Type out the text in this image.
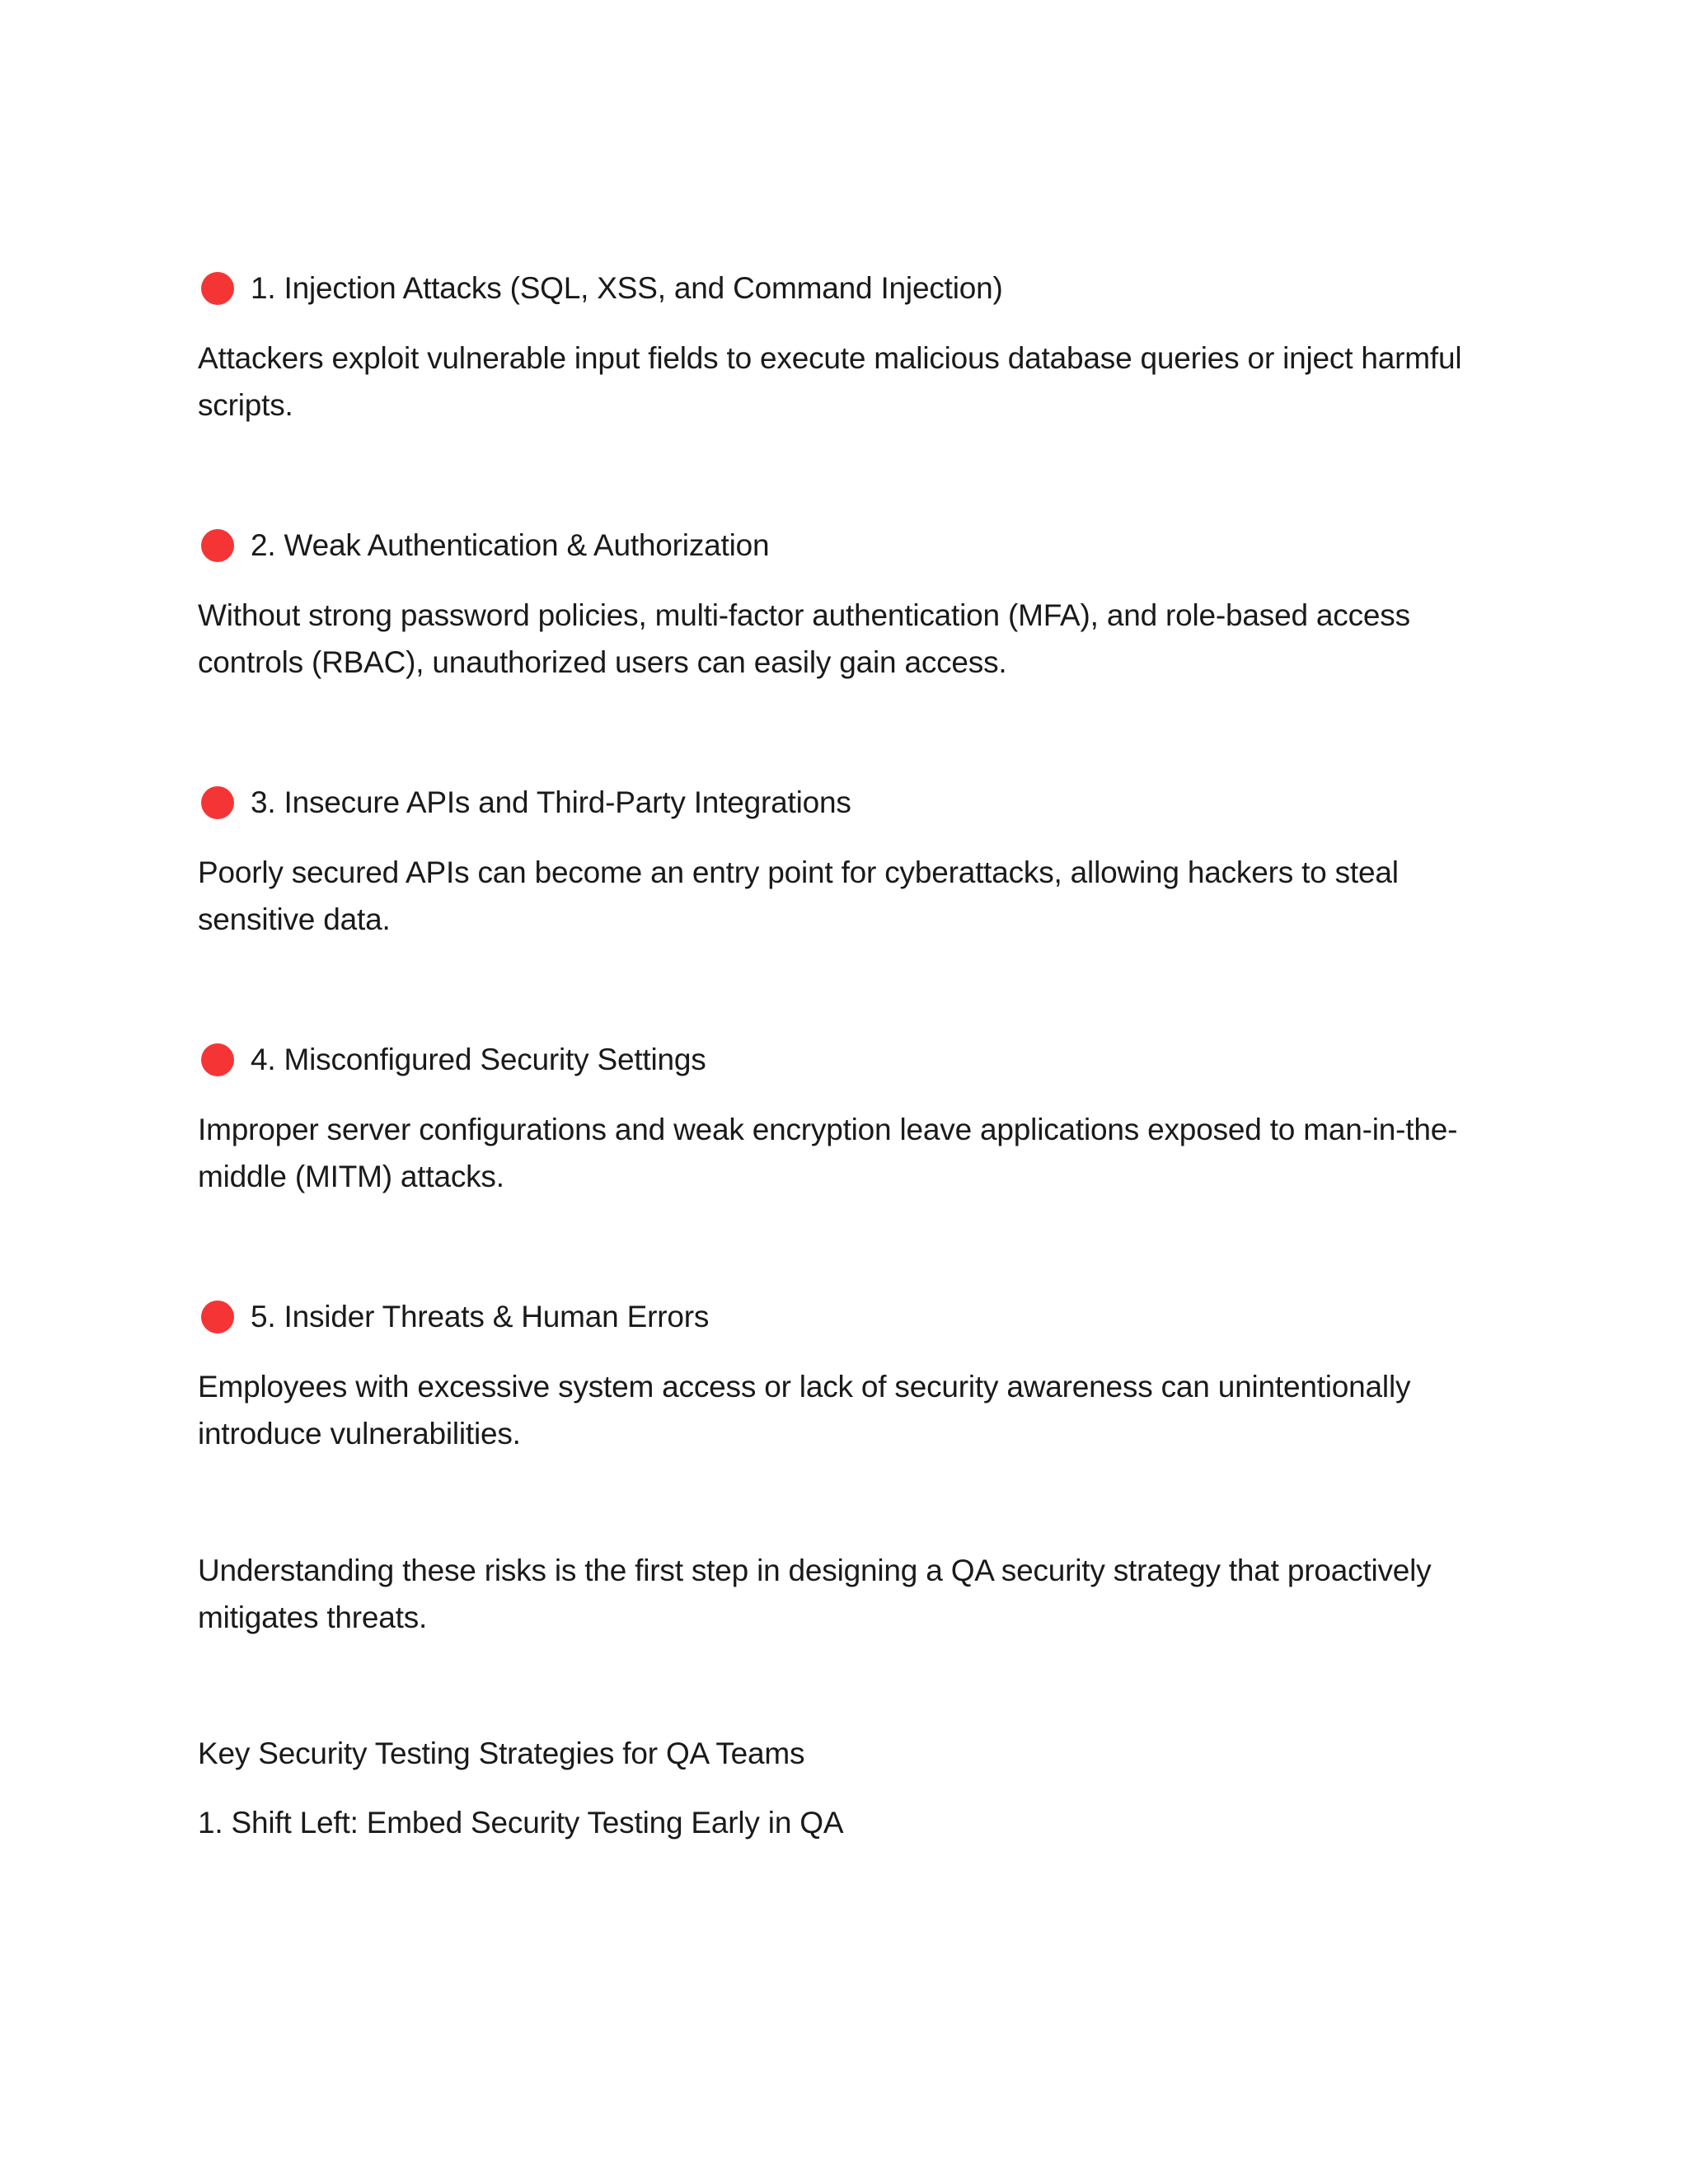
1. Injection Attacks (SQL, XSS, and Command Injection)
Attackers exploit vulnerable input fields to execute malicious database queries or inject harmful scripts.
2. Weak Authentication & Authorization
Without strong password policies, multi-factor authentication (MFA), and role-based access controls (RBAC), unauthorized users can easily gain access.
3. Insecure APIs and Third-Party Integrations
Poorly secured APIs can become an entry point for cyberattacks, allowing hackers to steal sensitive data.
4. Misconfigured Security Settings
Improper server configurations and weak encryption leave applications exposed to man-in-the-middle (MITM) attacks.
5. Insider Threats & Human Errors
Employees with excessive system access or lack of security awareness can unintentionally introduce vulnerabilities.
Understanding these risks is the first step in designing a QA security strategy that proactively mitigates threats.
Key Security Testing Strategies for QA Teams
1. Shift Left: Embed Security Testing Early in QA
